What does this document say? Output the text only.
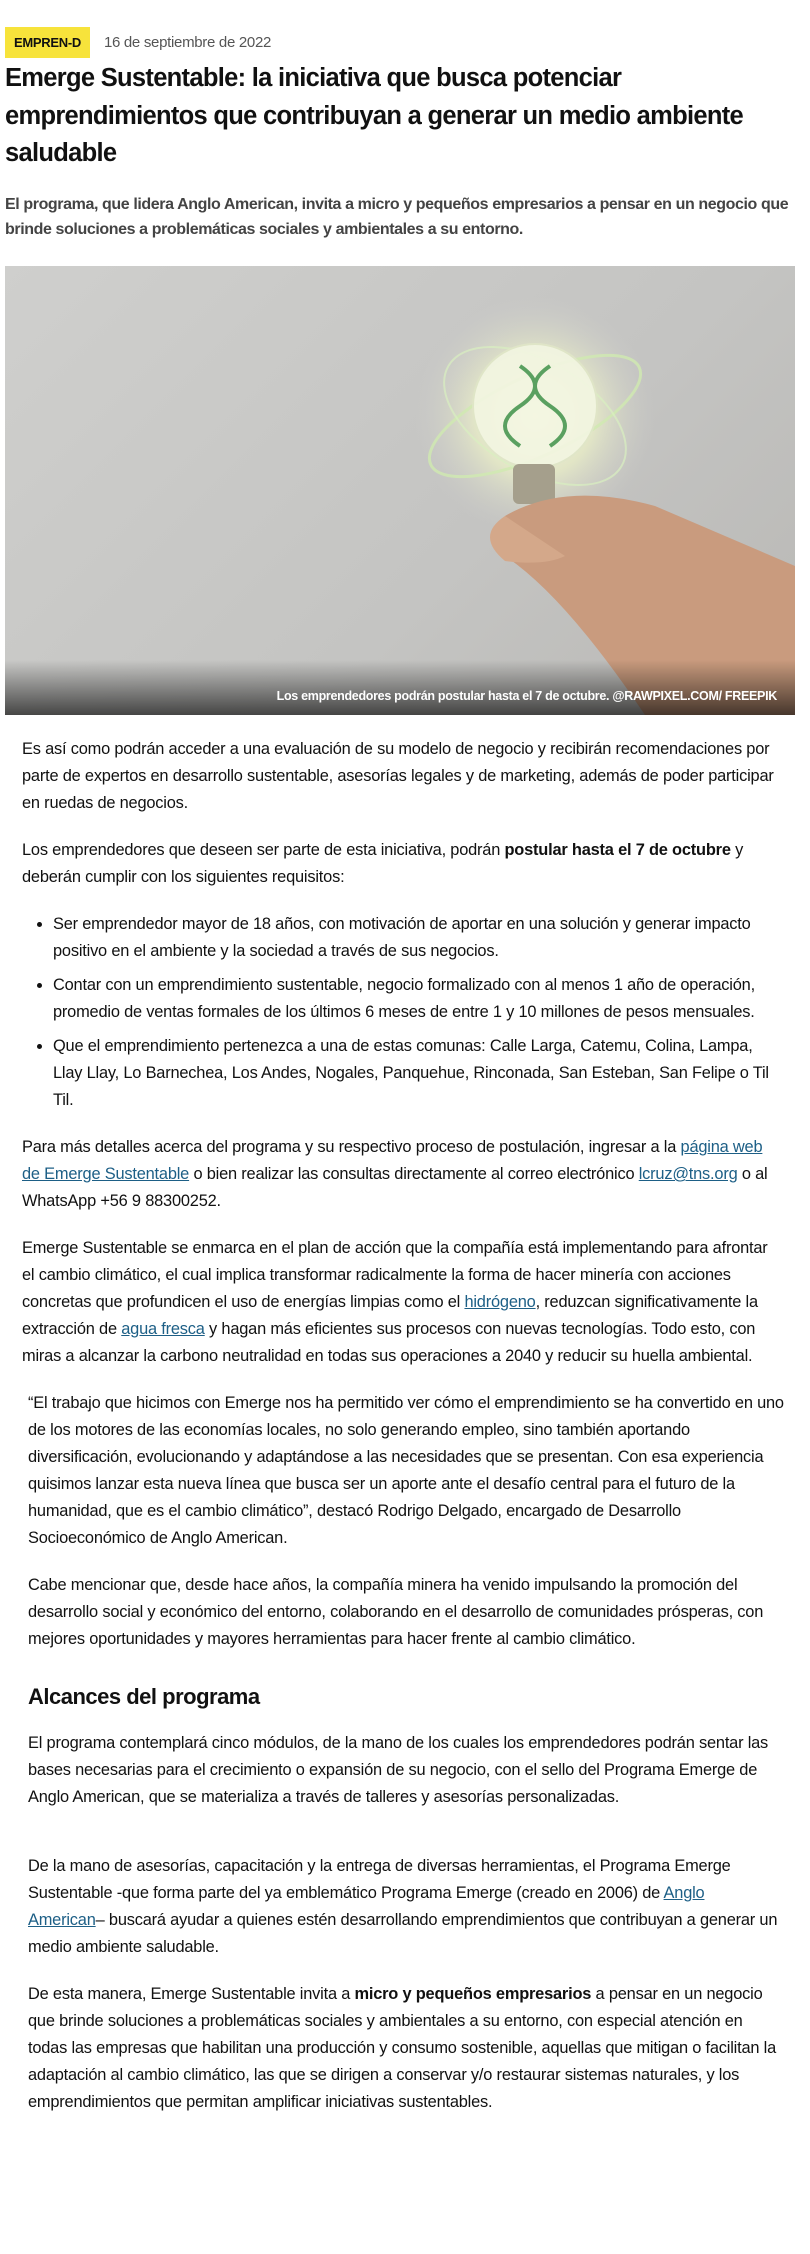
EMPREN-D	16 de septiembre de 2022
Emerge Sustentable: la iniciativa que busca potenciar emprendimientos que contribuyan a generar un medio ambiente saludable

El programa, que lidera Anglo American, invita a micro y pequeños empresarios a pensar en un negocio que brinde soluciones a problemáticas sociales y ambientales a su entorno.

Los emprendedores podrán postular hasta el 7 de octubre. @RAWPIXEL.COM/ FREEPIK

Es así como podrán acceder a una evaluación de su modelo de negocio y recibirán recomendaciones por parte de expertos en desarrollo sustentable, asesorías legales y de marketing, además de poder participar en ruedas de negocios.

Los emprendedores que deseen ser parte de esta iniciativa, podrán postular hasta el 7 de octubre y deberán cumplir con los siguientes requisitos:

• Ser emprendedor mayor de 18 años, con motivación de aportar en una solución y generar impacto positivo en el ambiente y la sociedad a través de sus negocios.
• Contar con un emprendimiento sustentable, negocio formalizado con al menos 1 año de operación, promedio de ventas formales de los últimos 6 meses de entre 1 y 10 millones de pesos mensuales.
• Que el emprendimiento pertenezca a una de estas comunas: Calle Larga, Catemu, Colina, Lampa, Llay Llay, Lo Barnechea, Los Andes, Nogales, Panquehue, Rinconada, San Esteban, San Felipe o Til Til.

Para más detalles acerca del programa y su respectivo proceso de postulación, ingresar a la página web de Emerge Sustentable o bien realizar las consultas directamente al correo electrónico lcruz@tns.org o al WhatsApp +56 9 88300252.

Emerge Sustentable se enmarca en el plan de acción que la compañía está implementando para afrontar el cambio climático, el cual implica transformar radicalmente la forma de hacer minería con acciones concretas que profundicen el uso de energías limpias como el hidrógeno, reduzcan significativamente la extracción de agua fresca y hagan más eficientes sus procesos con nuevas tecnologías. Todo esto, con miras a alcanzar la carbono neutralidad en todas sus operaciones a 2040 y reducir su huella ambiental.

“El trabajo que hicimos con Emerge nos ha permitido ver cómo el emprendimiento se ha convertido en uno de los motores de las economías locales, no solo generando empleo, sino también aportando diversificación, evolucionando y adaptándose a las necesidades que se presentan. Con esa experiencia quisimos lanzar esta nueva línea que busca ser un aporte ante el desafío central para el futuro de la humanidad, que es el cambio climático”, destacó Rodrigo Delgado, encargado de Desarrollo Socioeconómico de Anglo American.

Cabe mencionar que, desde hace años, la compañía minera ha venido impulsando la promoción del desarrollo social y económico del entorno, colaborando en el desarrollo de comunidades prósperas, con mejores oportunidades y mayores herramientas para hacer frente al cambio climático.

Alcances del programa

El programa contemplará cinco módulos, de la mano de los cuales los emprendedores podrán sentar las bases necesarias para el crecimiento o expansión de su negocio, con el sello del Programa Emerge de Anglo American, que se materializa a través de talleres y asesorías personalizadas.

De la mano de asesorías, capacitación y la entrega de diversas herramientas, el Programa Emerge Sustentable -que forma parte del ya emblemático Programa Emerge (creado en 2006) de Anglo American– buscará ayudar a quienes estén desarrollando emprendimientos que contribuyan a generar un medio ambiente saludable.

De esta manera, Emerge Sustentable invita a micro y pequeños empresarios a pensar en un negocio que brinde soluciones a problemáticas sociales y ambientales a su entorno, con especial atención en todas las empresas que habilitan una producción y consumo sostenible, aquellas que mitigan o facilitan la adaptación al cambio climático, las que se dirigen a conservar y/o restaurar sistemas naturales, y los emprendimientos que permitan amplificar iniciativas sustentables.
